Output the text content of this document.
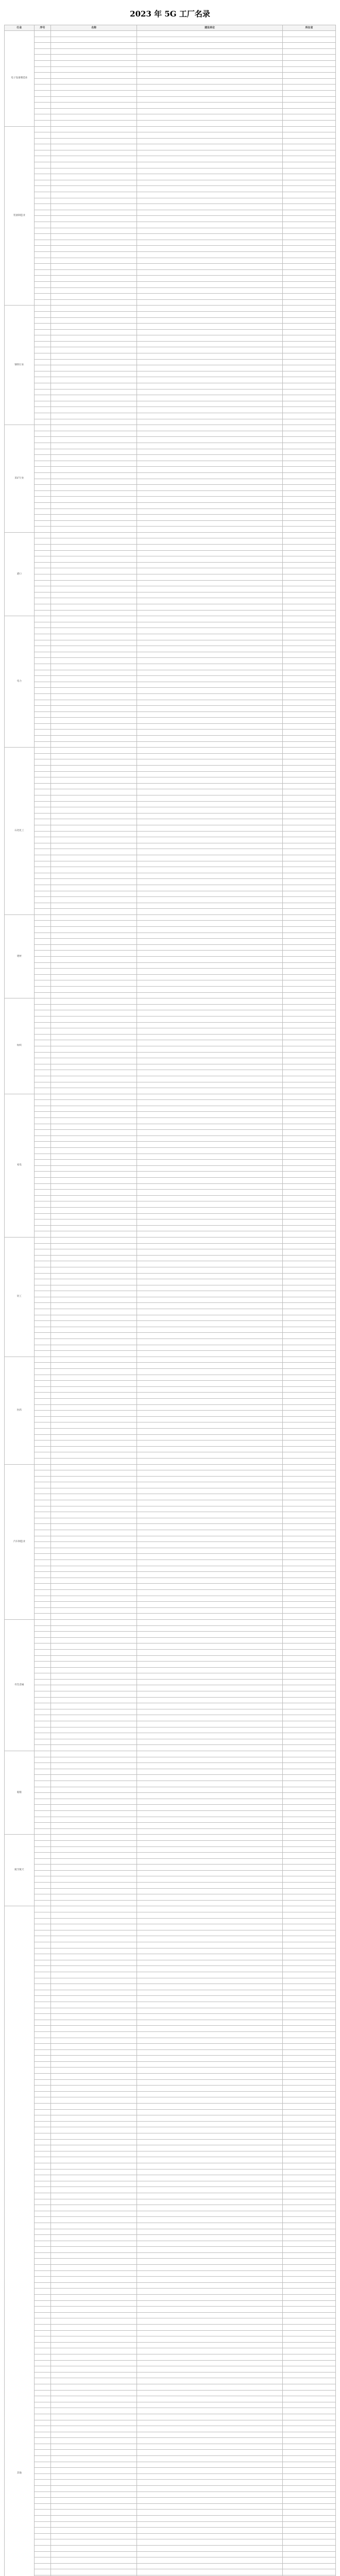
2023 年 5G 工厂名录
行业	序号	名称	建设单位	所在省
电子设备制造业				

装备制造业				

钢铁行业				

采矿行业				

港口				

电力				

石化化工				

建材				

纺织				

家电				

轻工				

医药				

汽车制造业				

有色金属				

船舶				

航空航天				

其他				
